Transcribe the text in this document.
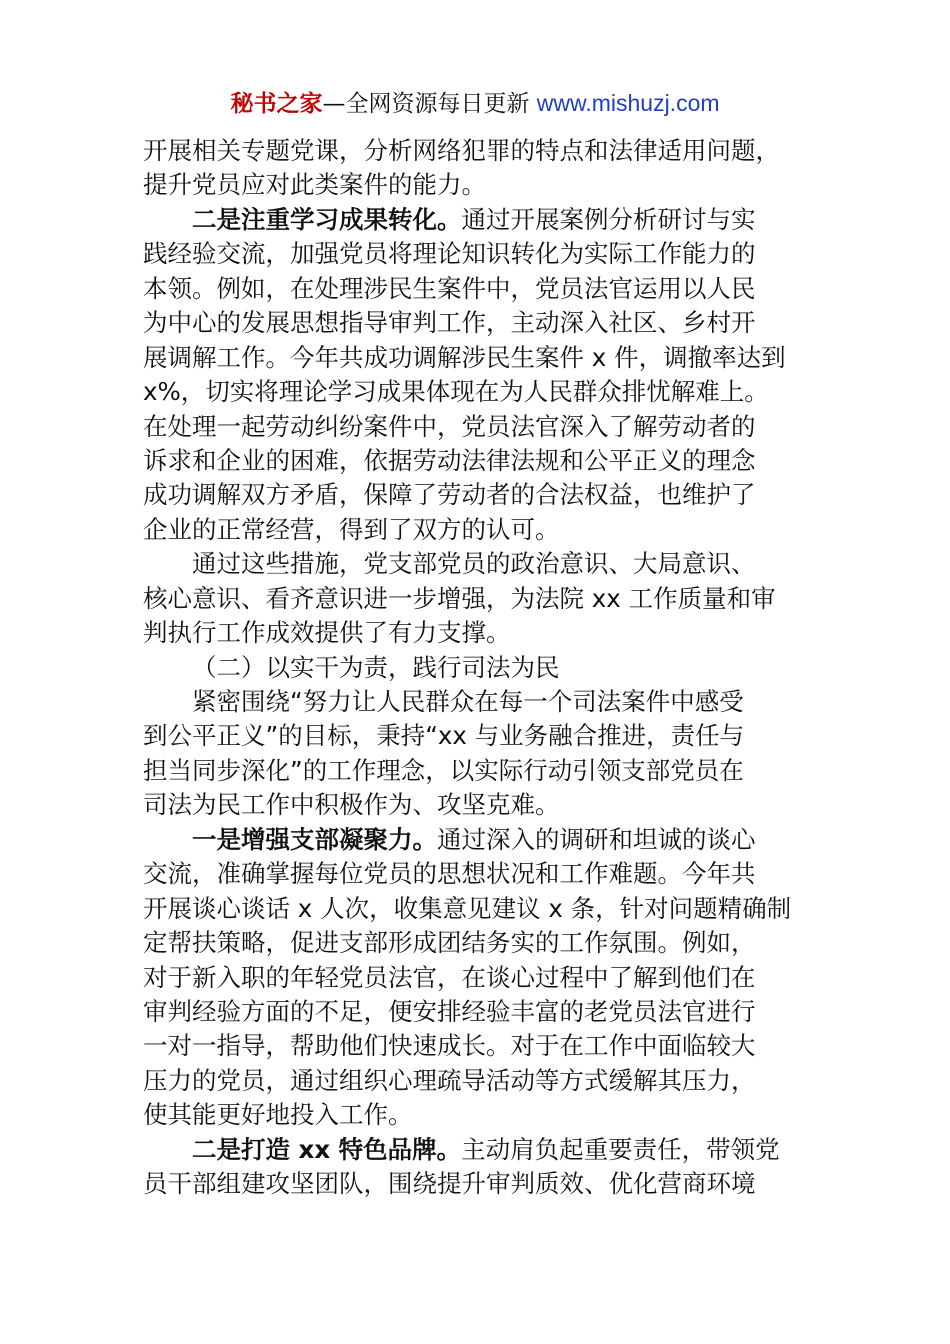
秘书之家—全网资源每日更新 www.mishuzj.com
开展相关专题党课，分析网络犯罪的特点和法律适用问题，
提升党员应对此类案件的能力。
二是注重学习成果转化。通过开展案例分析研讨与实
践经验交流，加强党员将理论知识转化为实际工作能力的
本领。例如，在处理涉民生案件中，党员法官运用以人民
为中心的发展思想指导审判工作，主动深入社区、乡村开
展调解工作。今年共成功调解涉民生案件 x 件，调撤率达到
x%，切实将理论学习成果体现在为人民群众排忧解难上。
在处理一起劳动纠纷案件中，党员法官深入了解劳动者的
诉求和企业的困难，依据劳动法律法规和公平正义的理念
成功调解双方矛盾，保障了劳动者的合法权益，也维护了
企业的正常经营，得到了双方的认可。
通过这些措施，党支部党员的政治意识、大局意识、
核心意识、看齐意识进一步增强，为法院 xx 工作质量和审
判执行工作成效提供了有力支撑。
（二）以实干为责，践行司法为民
紧密围绕“努力让人民群众在每一个司法案件中感受
到公平正义”的目标，秉持“xx 与业务融合推进，责任与
担当同步深化”的工作理念，以实际行动引领支部党员在
司法为民工作中积极作为、攻坚克难。
一是增强支部凝聚力。通过深入的调研和坦诚的谈心
交流，准确掌握每位党员的思想状况和工作难题。今年共
开展谈心谈话 x 人次，收集意见建议 x 条，针对问题精确制
定帮扶策略，促进支部形成团结务实的工作氛围。例如，
对于新入职的年轻党员法官，在谈心过程中了解到他们在
审判经验方面的不足，便安排经验丰富的老党员法官进行
一对一指导，帮助他们快速成长。对于在工作中面临较大
压力的党员，通过组织心理疏导活动等方式缓解其压力，
使其能更好地投入工作。
二是打造 xx 特色品牌。主动肩负起重要责任，带领党
员干部组建攻坚团队，围绕提升审判质效、优化营商环境
